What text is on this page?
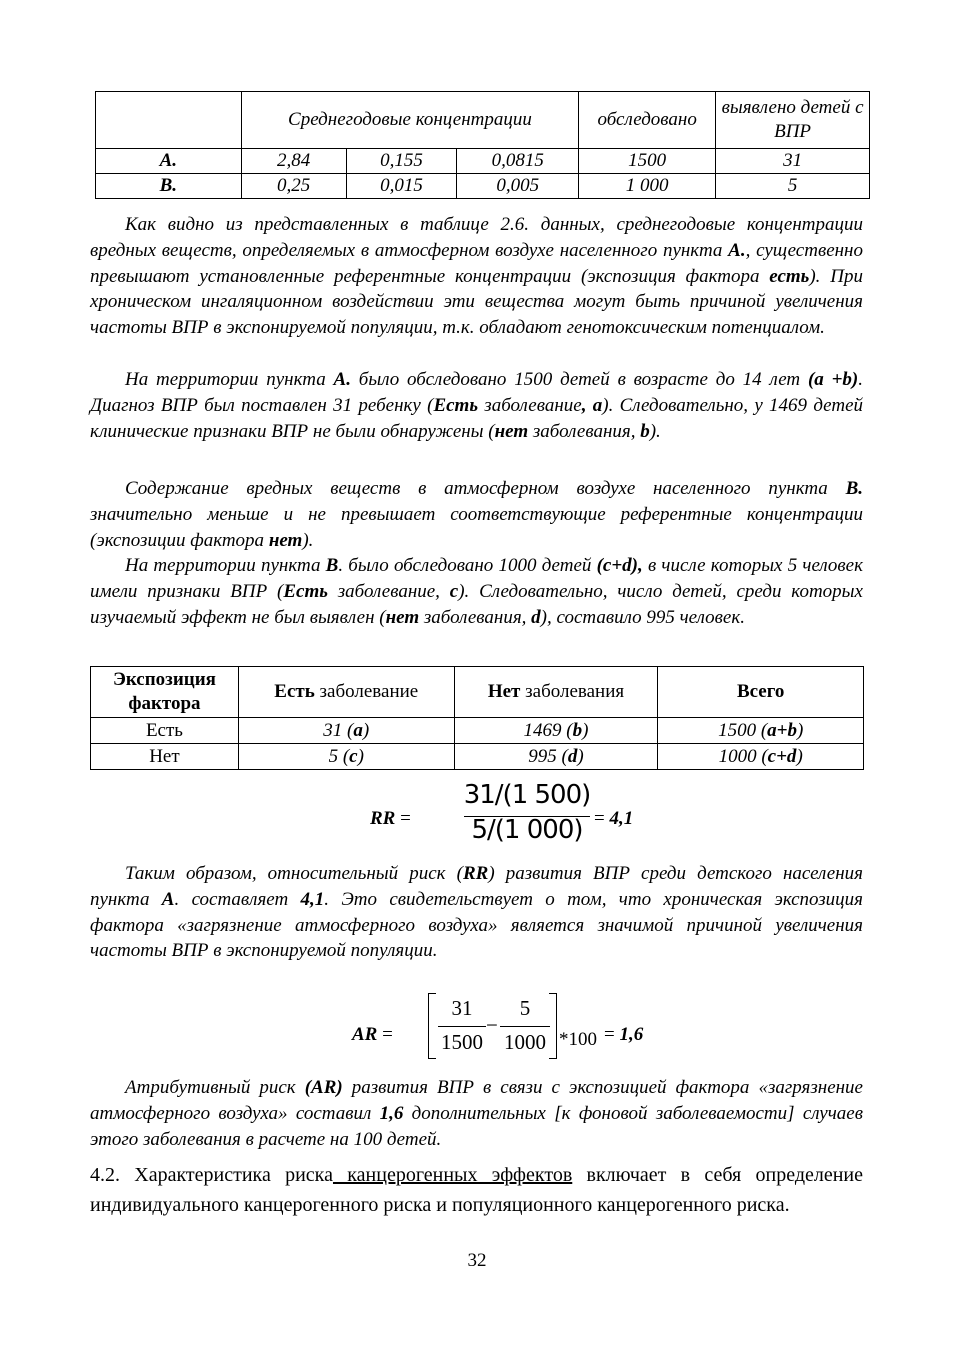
	Среднегодовые концентрации			обследовано	выявлено детей с ВПР
А.	2,84	0,155	0,0815	1500	31
В.	0,25	0,015	0,005	1 000	5

Как видно из представленных в таблице 2.6. данных, среднегодовые концентрации вредных веществ, определяемых в атмосферном воздухе населенного пункта А., существенно превышают установленные референтные концентрации (экспозиция фактора есть). При хроническом ингаляционном воздействии эти вещества могут быть причиной увеличения частоты ВПР в экспонируемой популяции, т.к. обладают генотоксическим потенциалом.

На территории пункта А. было обследовано 1500 детей в возрасте до 14 лет (а +b). Диагноз ВПР был поставлен 31 ребенку (Есть заболевание, а). Следовательно, у 1469 детей клинические признаки ВПР не были обнаружены (нет заболевания, b).

Содержание вредных веществ в атмосферном воздухе населенного пункта В. значительно меньше и не превышает соответствующие референтные концентрации (экспозиции фактора нет).

На территории пункта В. было обследовано 1000 детей (с+d), в числе которых 5 человек имели признаки ВПР (Есть заболевание, с). Следовательно, число детей, среди которых изучаемый эффект не был выявлен (нет заболевания, d), составило 995 человек.

Экспозиция фактора	Есть заболевание	Нет заболевания	Всего
Есть	31 (а)	1469 (b)	1500 (а+b)
Нет	5 (с)	995 (d)	1000 (с+d)
RR =
31/(1 500)
5/(1 000) = 4,1

Таким образом, относительный риск (RR) развития ВПР среди детского населения пункта А. составляет 4,1. Это свидетельствует о том, что хроническая экспозиция фактора «загрязнение атмосферного воздуха» является значимой причиной увеличения частоты ВПР в экспонируемой популяции.

AR =
31
1500
−
5
1000 *100 = 1,6

Атрибутивный риск (AR) развития ВПР в связи с экспозицией фактора «загрязнение атмосферного воздуха» составил 1,6 дополнительных [к фоновой заболеваемости] случаев этого заболевания в расчете на 100 детей.

4.2. Характеристика риска канцерогенных эффектов включает в себя определение индивидуального канцерогенного риска и популяционного канцерогенного риска.

32
